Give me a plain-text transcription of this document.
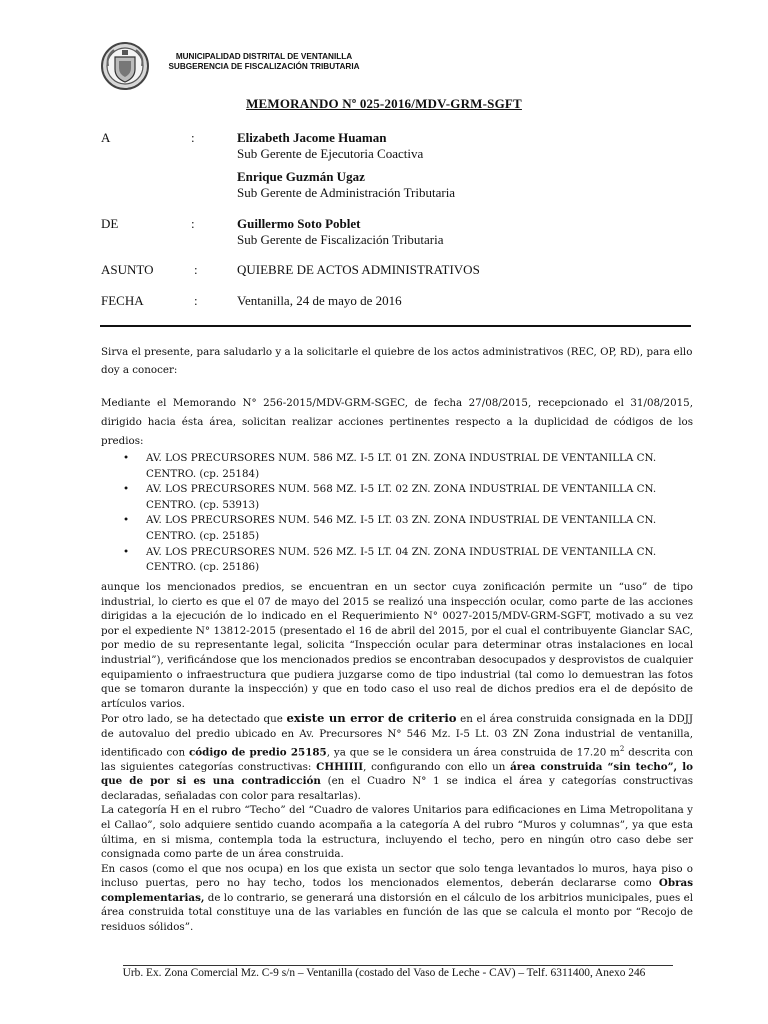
MUNICIPALIDAD DISTRITAL DE VENTANILLA
SUBGERENCIA DE FISCALIZACIÓN TRIBUTARIA
MEMORANDO Nº 025-2016/MDV-GRM-SGFT
A	:	Elizabeth Jacome Huaman
Sub Gerente de Ejecutoria Coactiva
Enrique Guzmán Ugaz
Sub Gerente de Administración Tributaria
DE	:	Guillermo Soto Poblet
Sub Gerente de Fiscalización Tributaria
ASUNTO	:	QUIEBRE DE ACTOS ADMINISTRATIVOS
FECHA	:	Ventanilla, 24 de mayo de 2016
Sirva el presente, para saludarlo y a la solicitarle el quiebre de los actos administrativos (REC, OP, RD), para ello doy a conocer:
Mediante el Memorando N° 256-2015/MDV-GRM-SGEC, de fecha 27/08/2015, recepcionado el 31/08/2015, dirigido hacia ésta área, solicitan realizar acciones pertinentes respecto a la duplicidad de códigos de los predios:
• AV. LOS PRECURSORES NUM. 586 MZ. I-5 LT. 01 ZN. ZONA INDUSTRIAL DE VENTANILLA CN.
CENTRO. (cp. 25184)
• AV. LOS PRECURSORES NUM. 568 MZ. I-5 LT. 02 ZN. ZONA INDUSTRIAL DE VENTANILLA CN.
CENTRO. (cp. 53913)
• AV. LOS PRECURSORES NUM. 546 MZ. I-5 LT. 03 ZN. ZONA INDUSTRIAL DE VENTANILLA CN.
CENTRO. (cp. 25185)
• AV. LOS PRECURSORES NUM. 526 MZ. I-5 LT. 04 ZN. ZONA INDUSTRIAL DE VENTANILLA CN.
CENTRO. (cp. 25186)
aunque los mencionados predios, se encuentran en un sector cuya zonificación permite un “uso” de tipo industrial, lo cierto es que el 07 de mayo del 2015 se realizó una inspección ocular, como parte de las acciones dirigidas a la ejecución de lo indicado en el Requerimiento N° 0027-2015/MDV-GRM-SGFT, motivado a su vez por el expediente N° 13812-2015 (presentado el 16 de abril del 2015, por el cual el contribuyente Gianclar SAC, por medio de su representante legal, solicita “Inspección ocular para determinar otras instalaciones en local industrial”), verificándose que los mencionados predios se encontraban desocupados y desprovistos de cualquier equipamiento o infraestructura que pudiera juzgarse como de tipo industrial (tal como lo demuestran las fotos que se tomaron durante la inspección) y que en todo caso el uso real de dichos predios era el de depósito de artículos varios.
Por otro lado, se ha detectado que existe un error de criterio en el área construida consignada en la DDJJ de autovaluo del predio ubicado en Av. Precursores N° 546 Mz. I-5 Lt. 03 ZN Zona industrial de ventanilla, identificado con código de predio 25185, ya que se le considera un área construida de 17.20 $m^2$ descrita con las siguientes categorías constructivas: CHHIIII, configurando con ello un área construida “sin techo”, lo que de por si es una contradicción (en el Cuadro N° 1 se indica el área y categorías constructivas declaradas, señaladas con color para resaltarlas).
La categoría H en el rubro “Techo” del “Cuadro de valores Unitarios para edificaciones en Lima Metropolitana y el Callao”, solo adquiere sentido cuando acompaña a la categoría A del rubro “Muros y columnas”, ya que esta última, en si misma, contempla toda la estructura, incluyendo el techo, pero en ningún otro caso debe ser consignada como parte de un área construida.
En casos (como el que nos ocupa) en los que exista un sector que solo tenga levantados lo muros, haya piso o incluso puertas, pero no hay techo, todos los mencionados elementos, deberán declararse como Obras complementarias, de lo contrario, se generará una distorsión en el cálculo de los arbitrios municipales, pues el área construida total constituye una de las variables en función de las que se calcula el monto por “Recojo de residuos sólidos”.
Urb. Ex. Zona Comercial Mz. C-9 s/n – Ventanilla (costado del Vaso de Leche - CAV) – Telf. 6311400, Anexo 246
